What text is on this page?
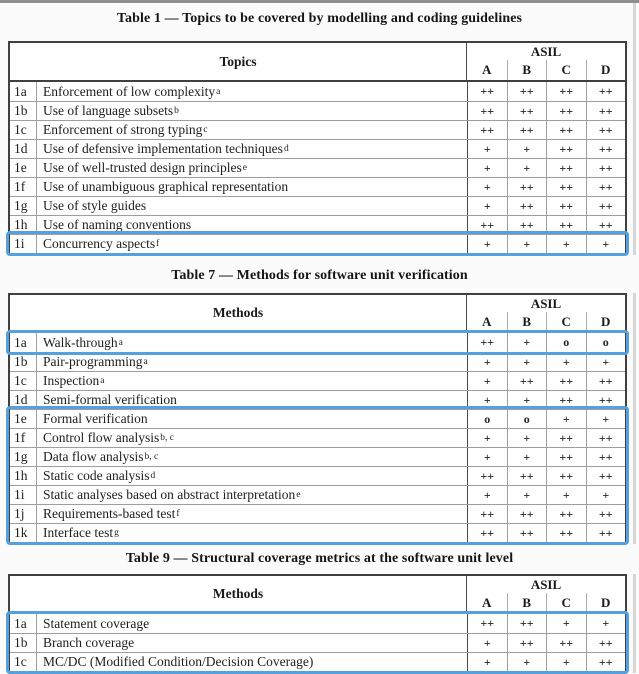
Table 1 — Topics to be covered by modelling and coding guidelines
Topics
ASIL
A	B	C	D
1a	Enforcement of low complexity a	++	++	++	++
1b	Use of language subsets b	++	++	++	++
1c	Enforcement of strong typing c	++	++	++	++
1d	Use of defensive implementation techniques d	+	+	++	++
1e	Use of well-trusted design principles e	+	+	++	++
1f	Use of unambiguous graphical representation	+	++	++	++
1g	Use of style guides	+	++	++	++
1h	Use of naming conventions	++	++	++	++
1i	Concurrency aspects f	+	+	+	+
Table 7 — Methods for software unit verification
Methods
ASIL
A	B	C	D
1a	Walk-through a	++	+	o	o
1b	Pair-programming a	+	+	+	+
1c	Inspection a	+	++	++	++
1d	Semi-formal verification	+	+	++	++
1e	Formal verification	o	o	+	+
1f	Control flow analysis b, c	+	+	++	++
1g	Data flow analysis b, c	+	+	++	++
1h	Static code analysis d	++	++	++	++
1i	Static analyses based on abstract interpretation e	+	+	+	+
1j	Requirements-based test f	++	++	++	++
1k	Interface test g	++	++	++	++
Table 9 — Structural coverage metrics at the software unit level
Methods
ASIL
A	B	C	D
1a	Statement coverage	++	++	+	+
1b	Branch coverage	+	++	++	++
1c	MC/DC (Modified Condition/Decision Coverage)	+	+	+	++
